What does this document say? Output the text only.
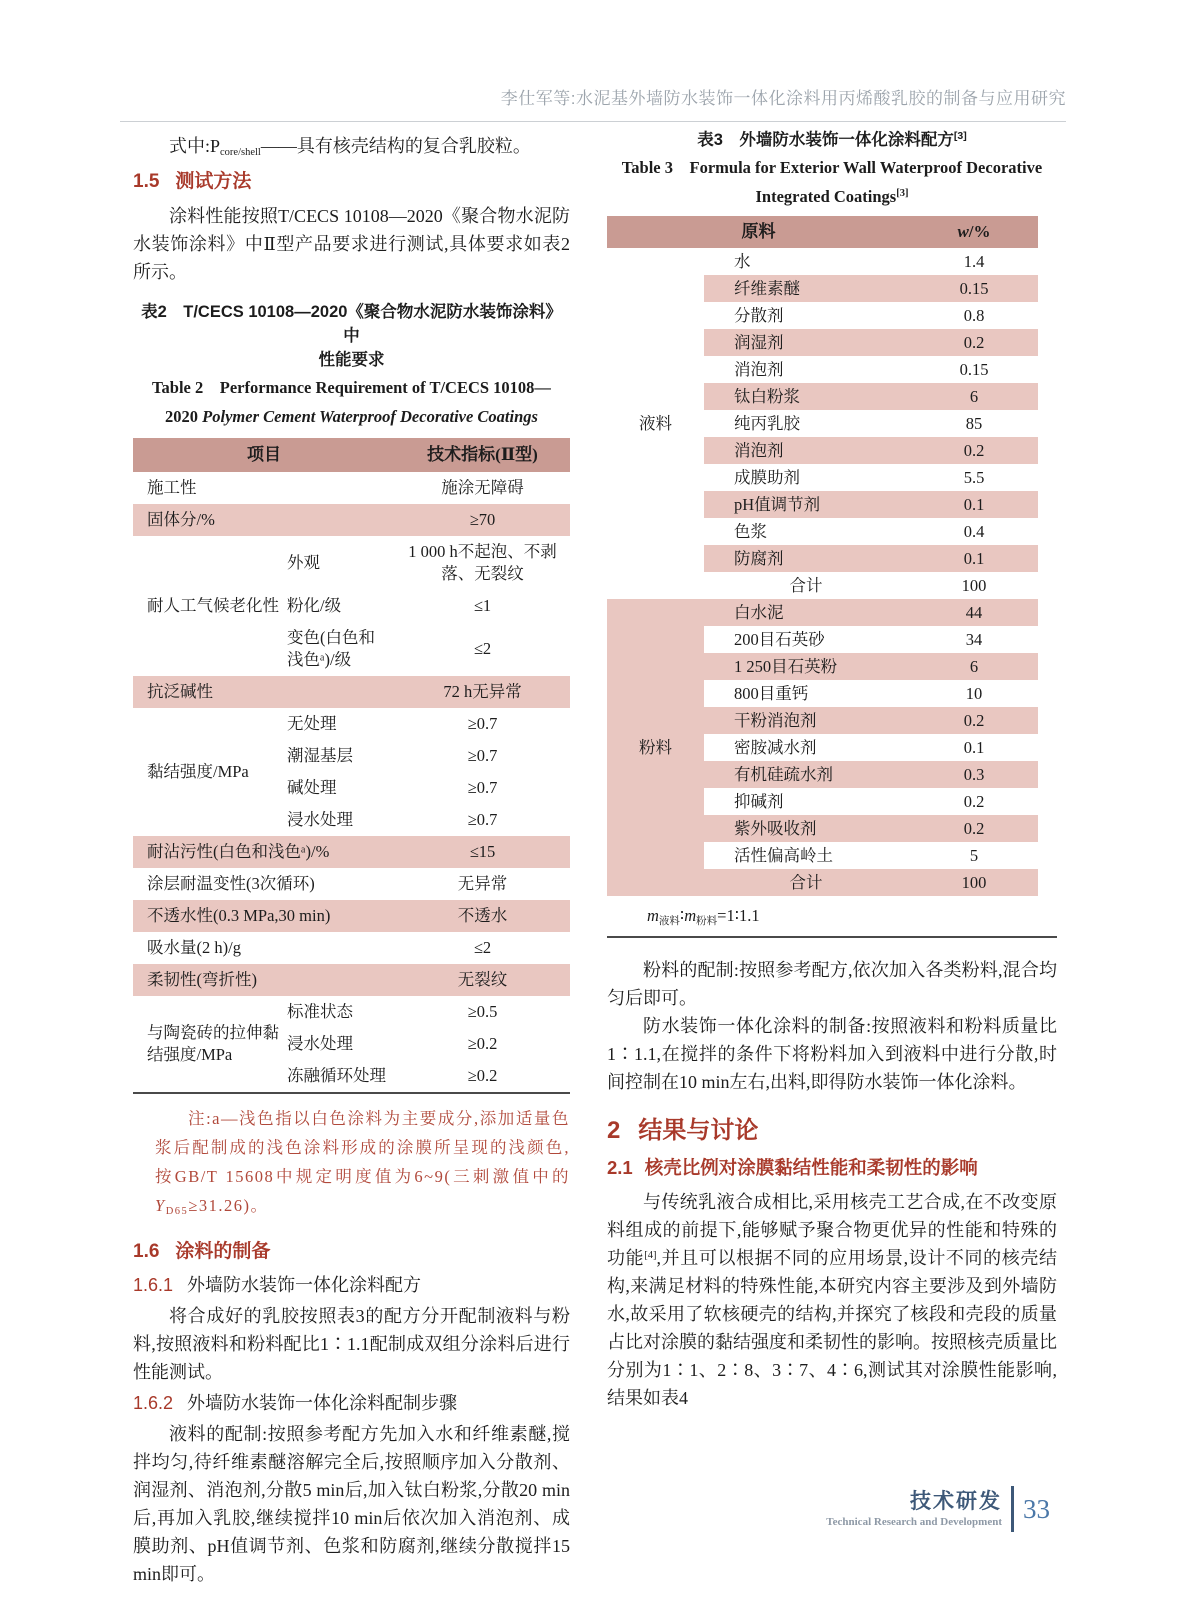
李仕军等:水泥基外墙防水装饰一体化涂料用丙烯酸乳胶的制备与应用研究

式中$:P_{core/shell}——$具有核壳结构的复合乳胶粒。

1.5 测试方法

涂料性能按照T/CECS 10108—2020《聚合物水泥防水装饰涂料》中Ⅱ型产品要求进行测试,具体要求如表2所示。

表2　T/CECS 10108—2020《聚合物水泥防水装饰涂料》中
性能要求
Table 2　Performance Requirement of T/CECS 10108—
2020 Polymer Cement Waterproof Decorative Coatings
项目		技术指标(Ⅱ型)
施工性		施涂无障碍
固体分/%		≥70
耐人工气候老化性	外观	1 000 h不起泡、不剥落、无裂纹
	粉化/级	≤1
	变色(白色和浅色ᵃ)/级	≤2
抗泛碱性		72 h无异常
黏结强度/MPa	无处理	≥0.7
	潮湿基层	≥0.7
	碱处理	≥0.7
	浸水处理	≥0.7
耐沾污性(白色和浅色ᵃ)/%		≤15
涂层耐温变性(3次循环)		无异常
不透水性(0.3 MPa,30 min)		不透水
吸水量(2 h)/g		≤2
柔韧性(弯折性)		无裂纹
与陶瓷砖的拉伸黏结强度/MPa	标准状态	≥0.5
	浸水处理	≥0.2
	冻融循环处理	≥0.2

注:a—浅色指以白色涂料为主要成分,添加适量色浆后配制成的浅色涂料形成的涂膜所呈现的浅颜色,按GB/T 15608中规定明度值为6~9(三刺激值中的$Y_{D65}\ge 31.26$)。

1.6 涂料的制备
1.6.1 外墙防水装饰一体化涂料配方

将合成好的乳胶按照表3的配方分开配制液料与粉料,按照液料和粉料配比1∶1.1配制成双组分涂料后进行性能测试。

1.6.2 外墙防水装饰一体化涂料配制步骤

液料的配制:按照参考配方先加入水和纤维素醚,搅拌均匀,待纤维素醚溶解完全后,按照顺序加入分散剂、润湿剂、消泡剂,分散5 min后,加入钛白粉浆,分散20 min后,再加入乳胶,继续搅拌10 min后依次加入消泡剂、成膜助剂、pH值调节剂、色浆和防腐剂,继续分散搅拌15 min即可。

表3　外墙防水装饰一体化涂料配方[3]
Table 3　Formula for Exterior Wall Waterproof Decorative
Integrated Coatings[3]
原料		w/%
液料	水	1.4
	纤维素醚	0.15
	分散剂	0.8
	润湿剂	0.2
	消泡剂	0.15
	钛白粉浆	6
	纯丙乳胶	85
	消泡剂	0.2
	成膜助剂	5.5
	pH值调节剂	0.1
	色浆	0.4
	防腐剂	0.1
	合计	100
粉料	白水泥	44
	200目石英砂	34
	1 250目石英粉	6
	800目重钙	10
	干粉消泡剂	0.2
	密胺减水剂	0.1
	有机硅疏水剂	0.3
	抑碱剂	0.2
	紫外吸收剂	0.2
	活性偏高岭土	5
	合计	100
$m_{液料}∶m_{粉料}=1∶1.1$

粉料的配制:按照参考配方,依次加入各类粉料,混合均匀后即可。

防水装饰一体化涂料的制备:按照液料和粉料质量比1∶1.1,在搅拌的条件下将粉料加入到液料中进行分散,时间控制在10 min左右,出料,即得防水装饰一体化涂料。

2 结果与讨论
2.1 核壳比例对涂膜黏结性能和柔韧性的影响

与传统乳液合成相比,采用核壳工艺合成,在不改变原料组成的前提下,能够赋予聚合物更优异的性能和特殊的功能[4],并且可以根据不同的应用场景,设计不同的核壳结构,来满足材料的特殊性能,本研究内容主要涉及到外墙防水,故采用了软核硬壳的结构,并探究了核段和壳段的质量占比对涂膜的黏结强度和柔韧性的影响。按照核壳质量比分别为1∶1、2∶8、3∶7、4∶6,测试其对涂膜性能影响,结果如表4

技术研发
Technical Research and Development 33
